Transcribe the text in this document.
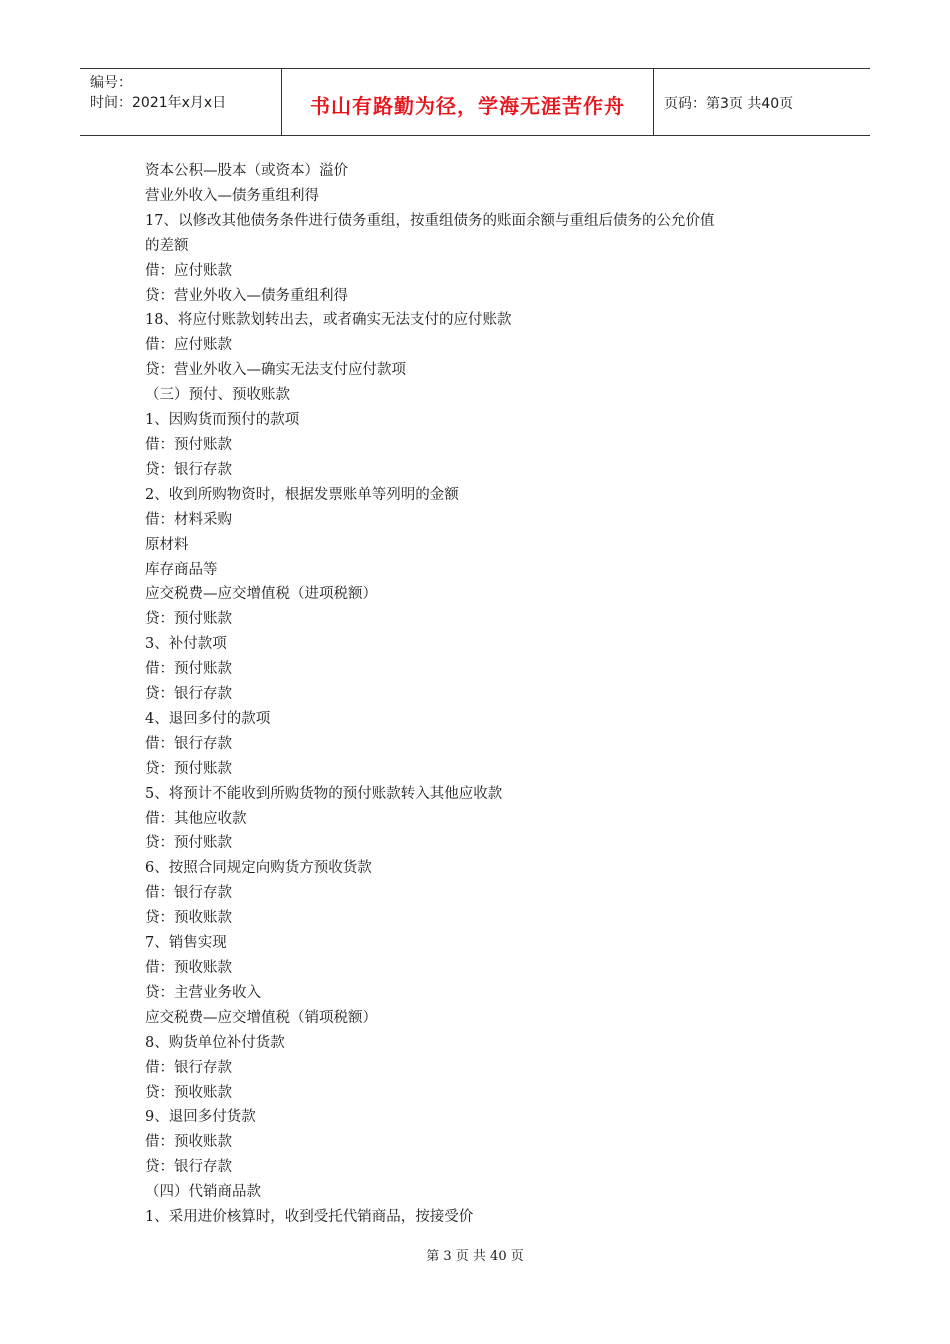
编号：
时间：2021年x月x日	书山有路勤为径，学海无涯苦作舟	页码：第3页 共40页
资本公积—股本（或资本）溢价
营业外收入—债务重组利得
17、以修改其他债务条件进行债务重组，按重组债务的账面余额与重组后债务的公允价值
的差额
借：应付账款
贷：营业外收入—债务重组利得
18、将应付账款划转出去，或者确实无法支付的应付账款
借：应付账款
贷：营业外收入—确实无法支付应付款项
（三）预付、预收账款
1、因购货而预付的款项
借：预付账款
贷：银行存款
2、收到所购物资时，根据发票账单等列明的金额
借：材料采购
原材料
库存商品等
应交税费—应交增值税（进项税额）
贷：预付账款
3、补付款项
借：预付账款
贷：银行存款
4、退回多付的款项
借：银行存款
贷：预付账款
5、将预计不能收到所购货物的预付账款转入其他应收款
借：其他应收款
贷：预付账款
6、按照合同规定向购货方预收货款
借：银行存款
贷：预收账款
7、销售实现
借：预收账款
贷：主营业务收入
应交税费—应交增值税（销项税额）
8、购货单位补付货款
借：银行存款
贷：预收账款
9、退回多付货款
借：预收账款
贷：银行存款
（四）代销商品款
1、采用进价核算时，收到受托代销商品，按接受价
第 3 页 共 40 页
